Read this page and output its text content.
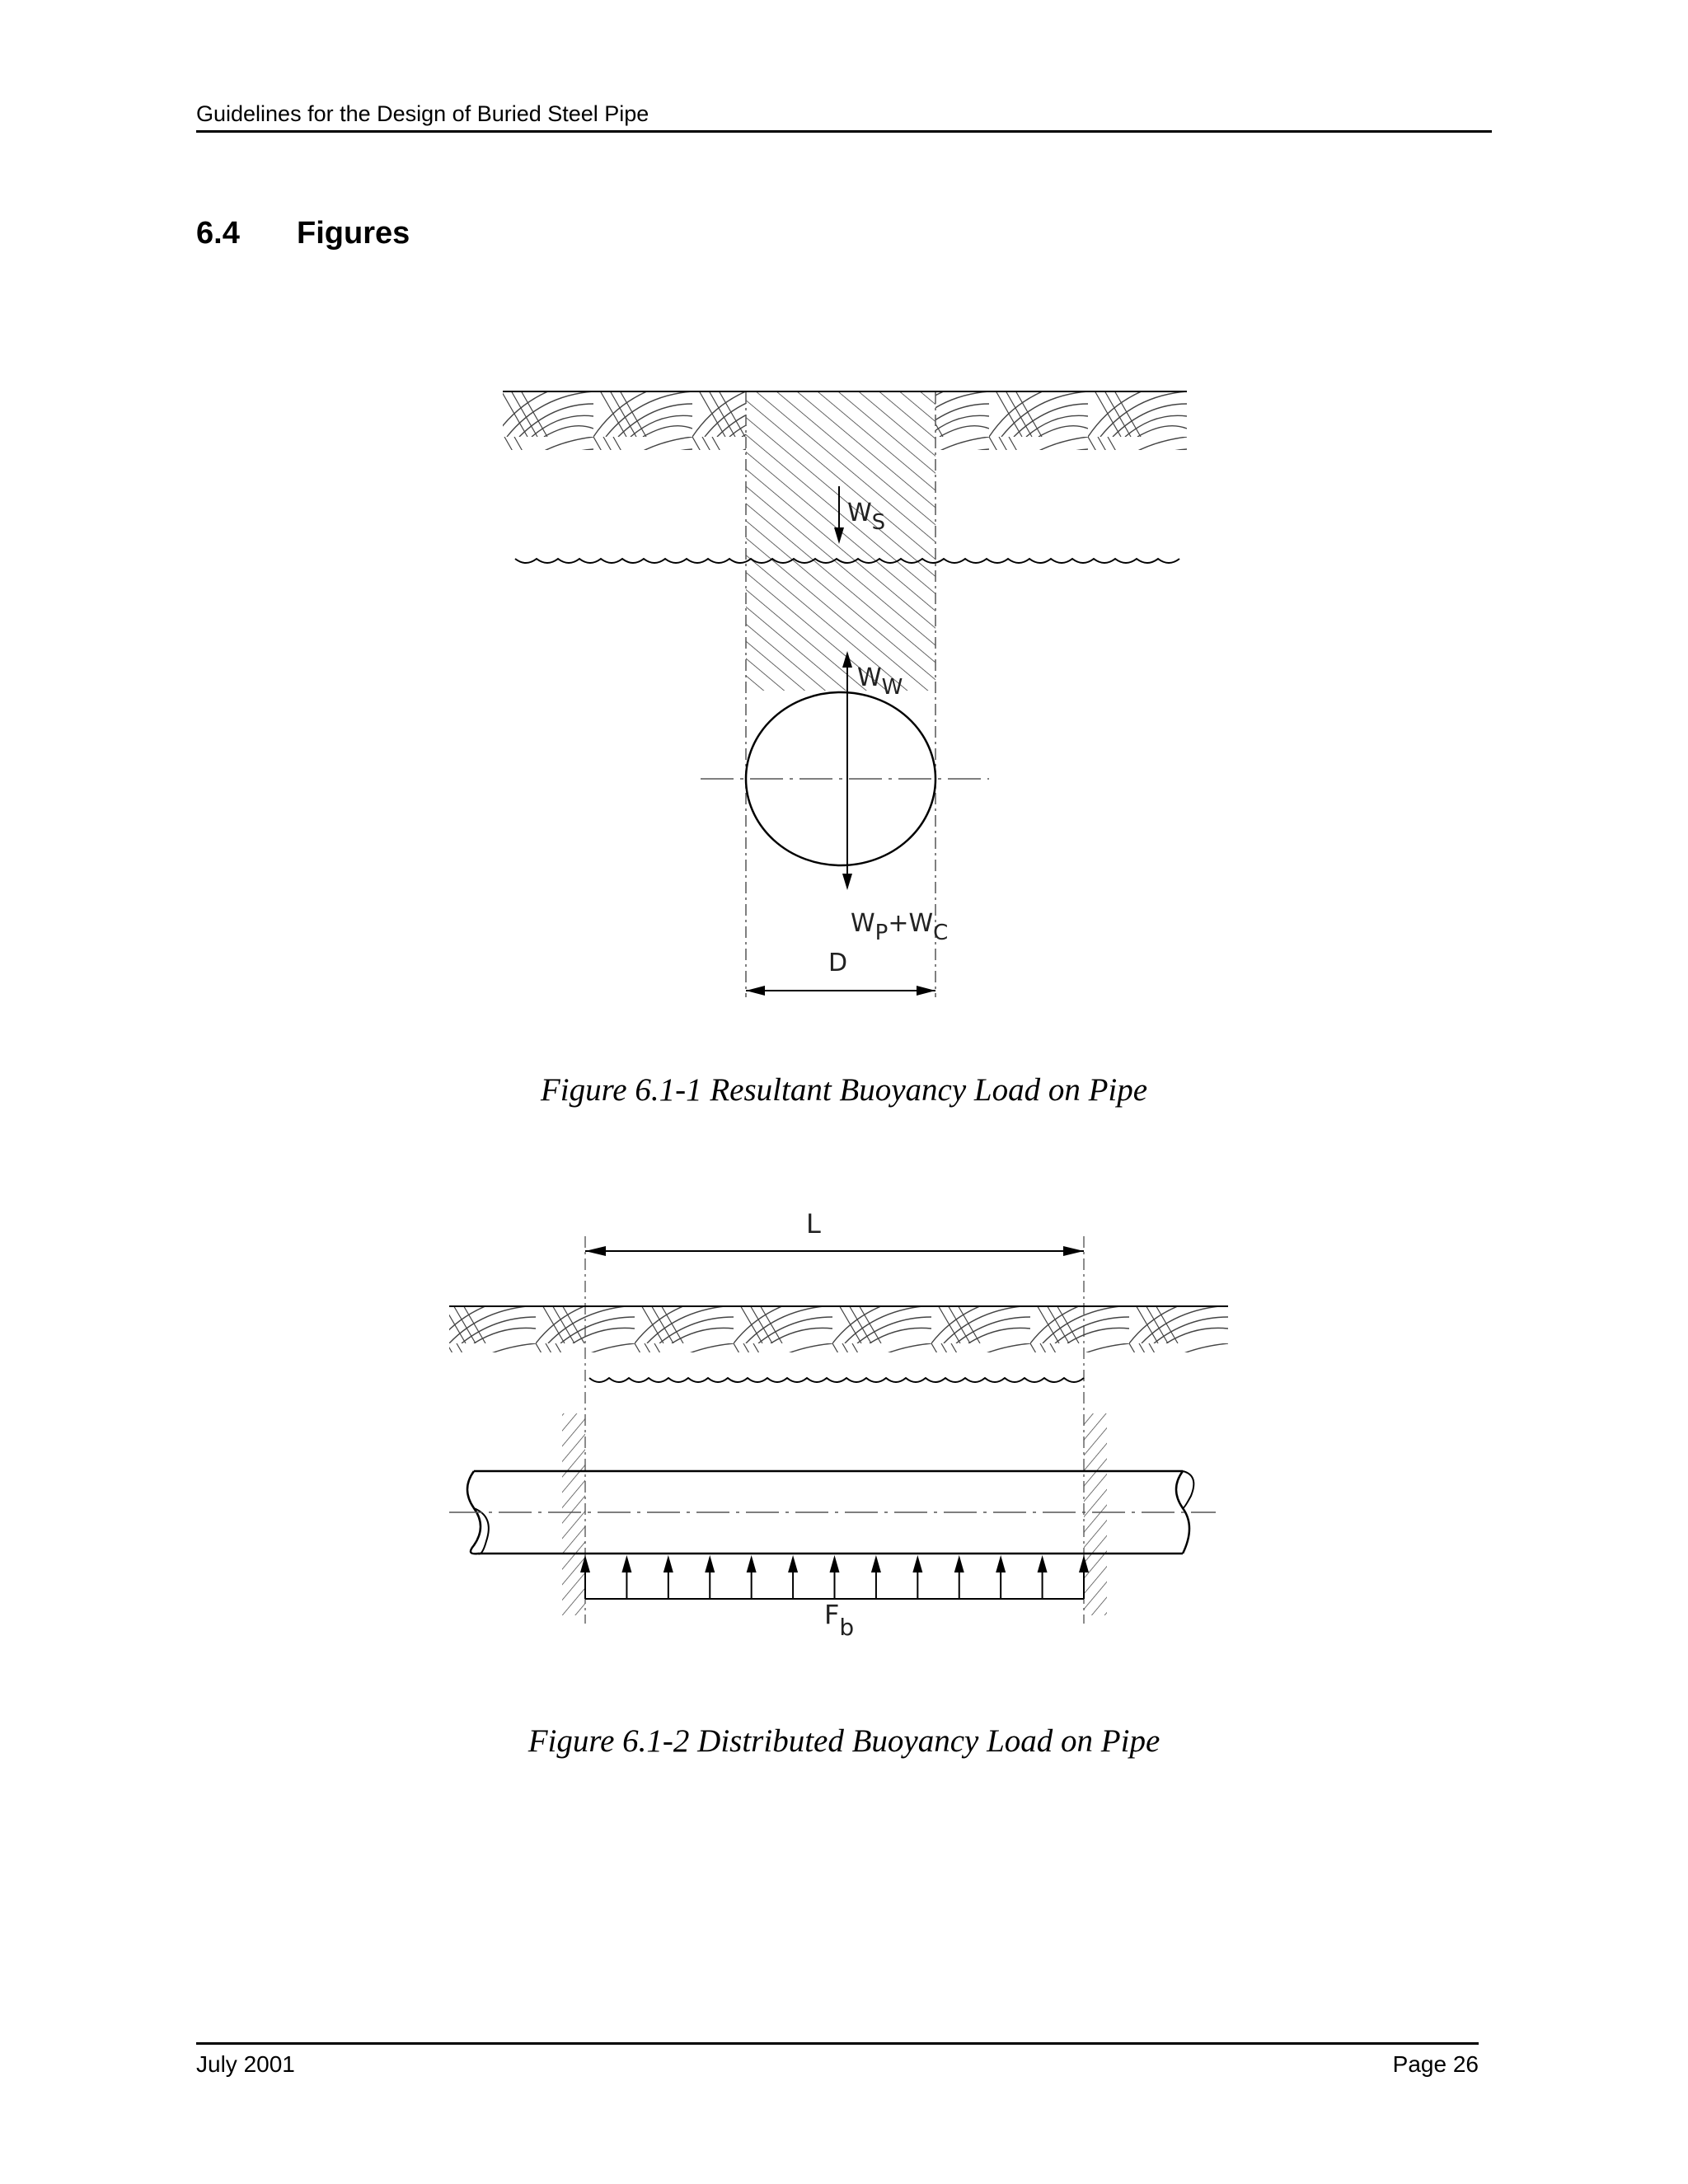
Guidelines for the Design of Buried Steel Pipe
6.4 Figures
WS
WW
WP+WC
D
Figure 6.1-1 Resultant Buoyancy Load on Pipe
L
Fb
Figure 6.1-2 Distributed Buoyancy Load on Pipe
July 2001	Page 26
